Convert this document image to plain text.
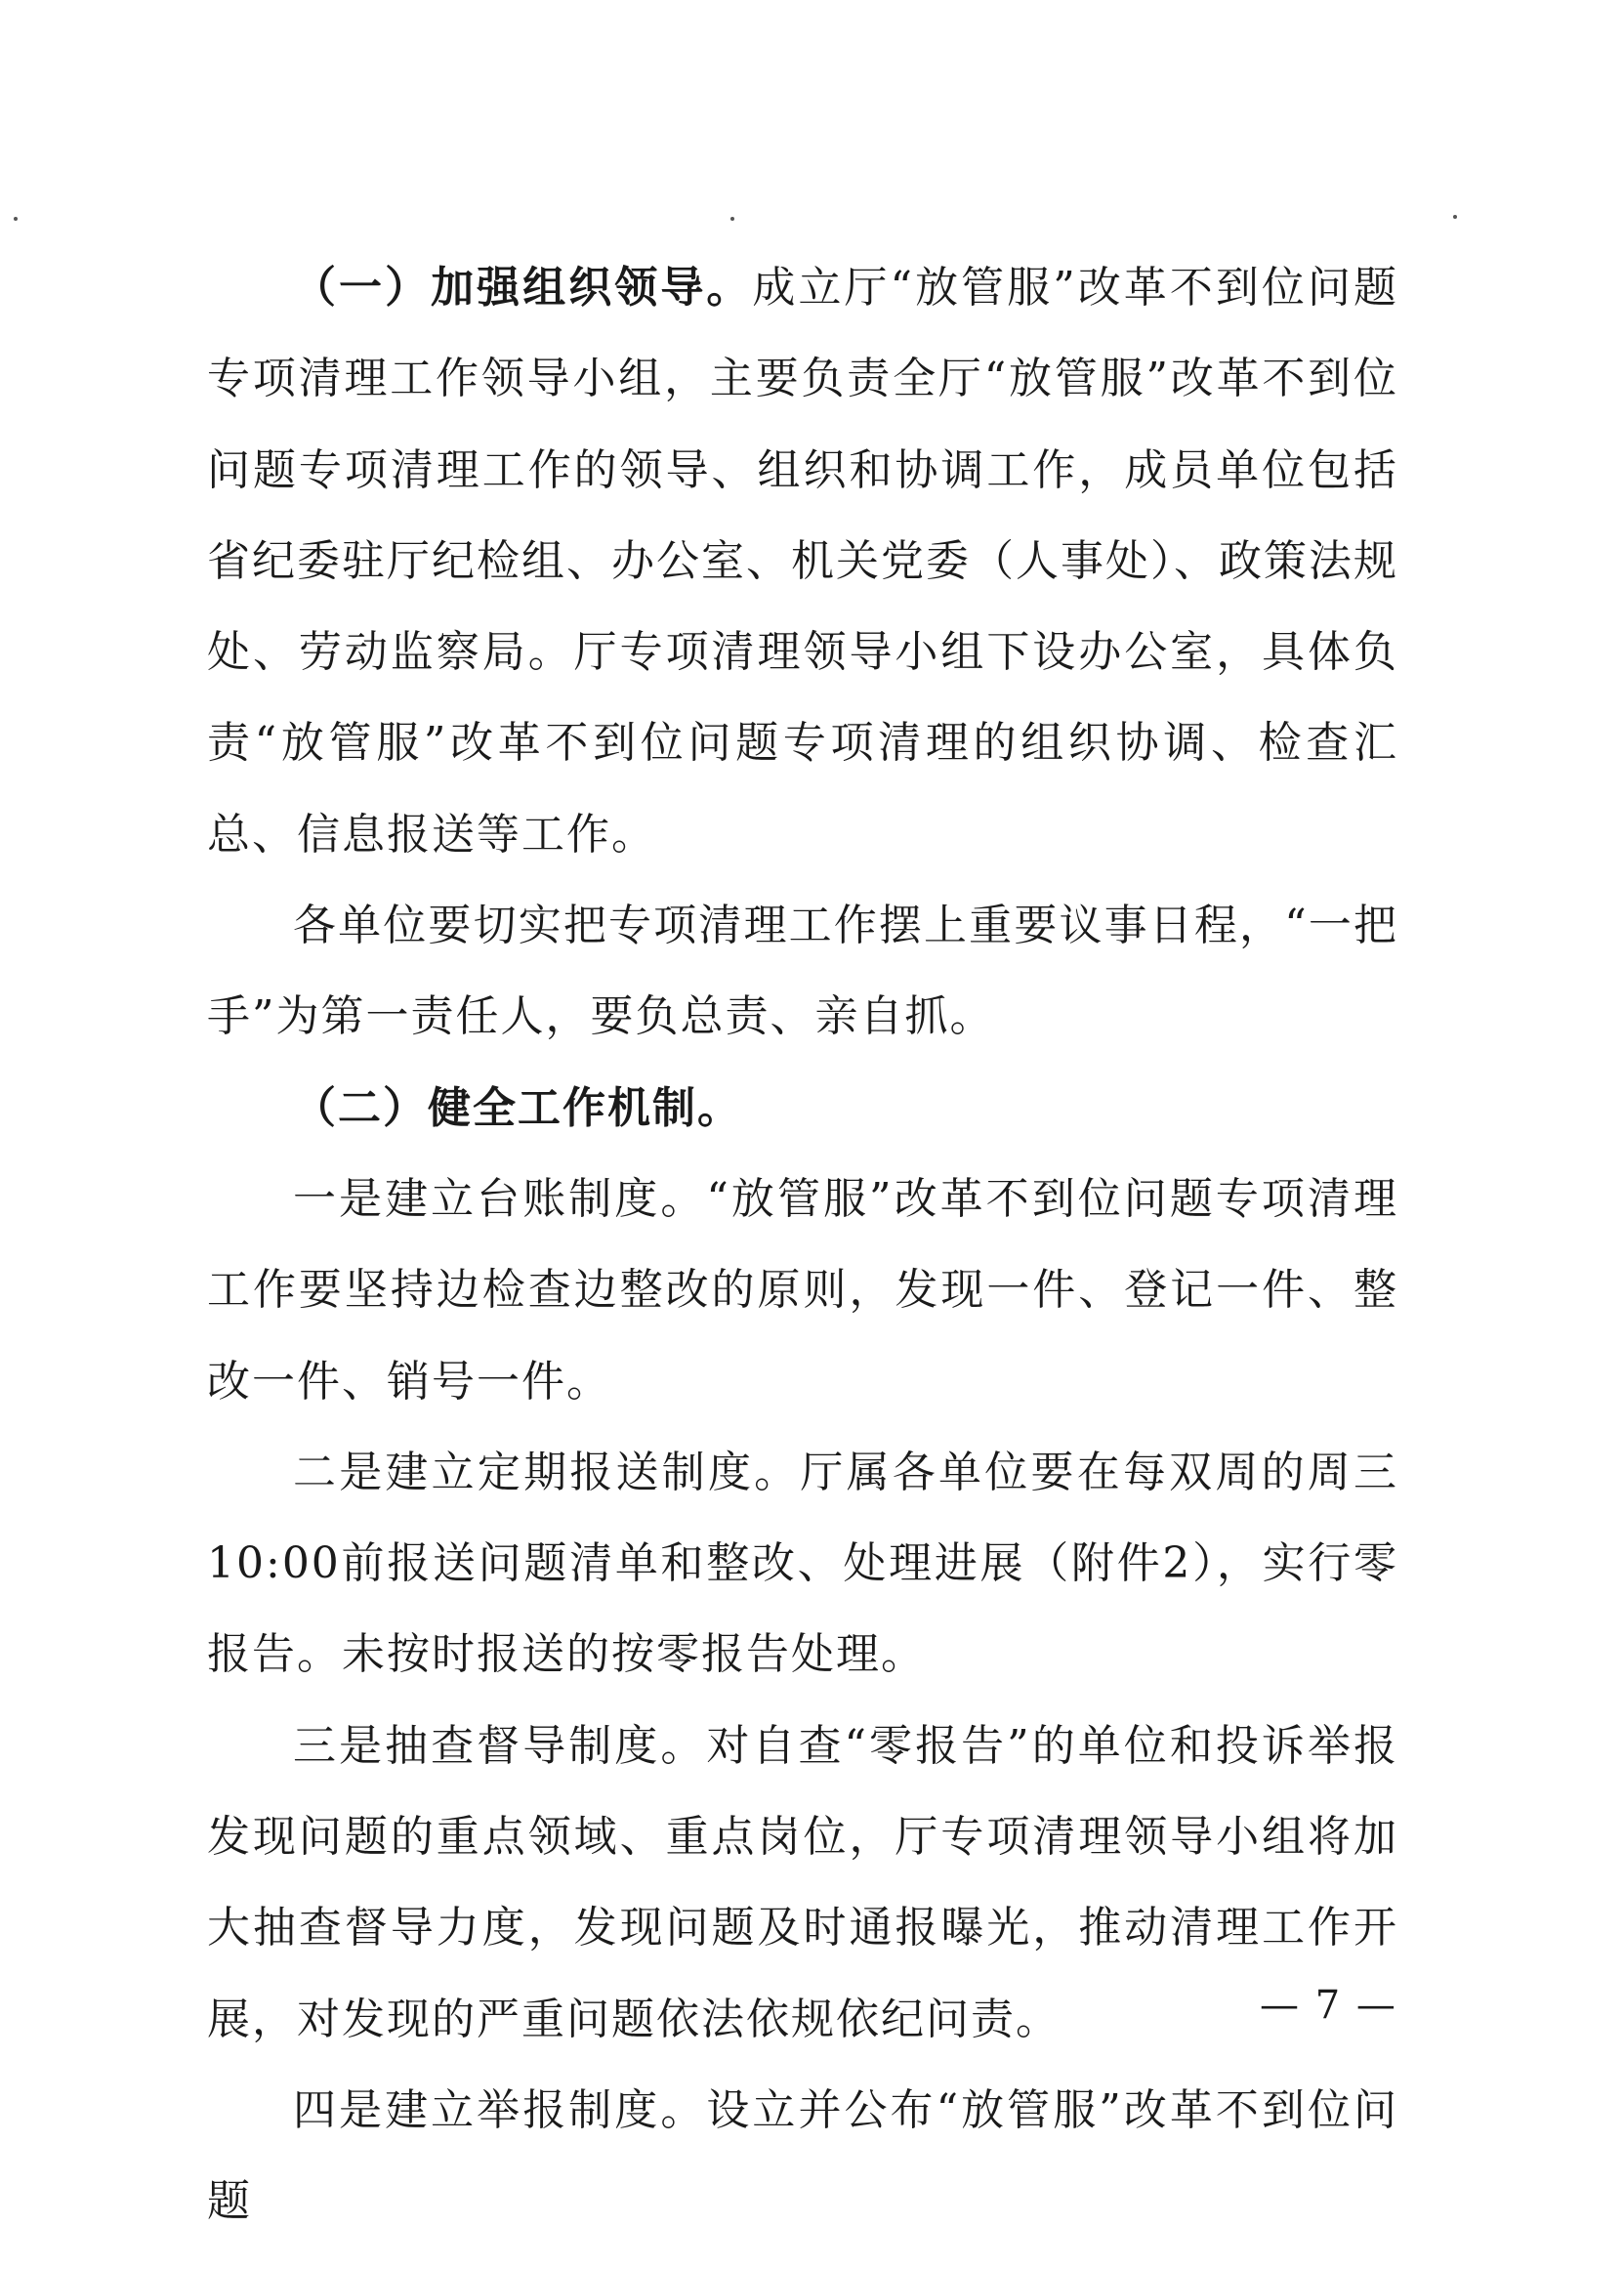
（一）加强组织领导。成立厅“放管服”改革不到位问题专项清理工作领导小组，主要负责全厅“放管服”改革不到位问题专项清理工作的领导、组织和协调工作，成员单位包括省纪委驻厅纪检组、办公室、机关党委（人事处）、政策法规处、劳动监察局。厅专项清理领导小组下设办公室，具体负责“放管服”改革不到位问题专项清理的组织协调、检查汇总、信息报送等工作。

各单位要切实把专项清理工作摆上重要议事日程，“一把手”为第一责任人，要负总责、亲自抓。

（二）健全工作机制。

一是建立台账制度。“放管服”改革不到位问题专项清理工作要坚持边检查边整改的原则，发现一件、登记一件、整改一件、销号一件。

二是建立定期报送制度。厅属各单位要在每双周的周三10:00前报送问题清单和整改、处理进展（附件2），实行零报告。未按时报送的按零报告处理。

三是抽查督导制度。对自查“零报告”的单位和投诉举报发现问题的重点领域、重点岗位，厅专项清理领导小组将加大抽查督导力度，发现问题及时通报曝光，推动清理工作开展，对发现的严重问题依法依规依纪问责。

四是建立举报制度。设立并公布“放管服”改革不到位问题

— 7 —
